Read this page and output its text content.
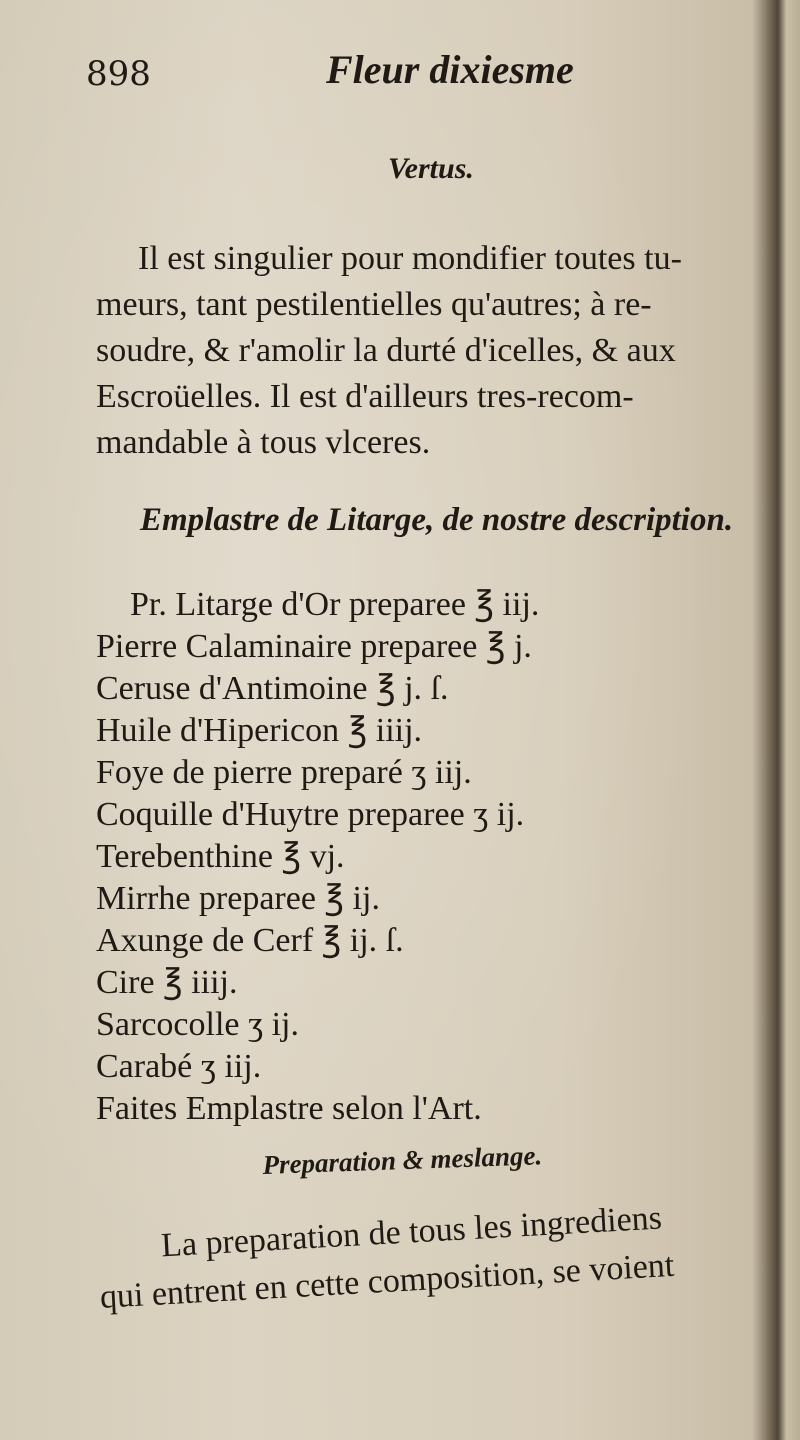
898	Fleur dixiesme
Vertus.
Il est singulier pour mondifier toutes tu-
meurs, tant pestilentielles qu'autres; à re-
soudre, & r'amolir la durté d'icelles, & aux
Escroüelles. Il est d'ailleurs tres-recom-
mandable à tous vlceres.
Emplastre de Litarge, de nostre description.
Pr. Litarge d'Or preparee ℥ iij.
Pierre Calaminaire preparee ℥ j.
Ceruse d'Antimoine ℥ j. ſ.
Huile d'Hipericon ℥ iiij.
Foye de pierre preparé ʒ iij.
Coquille d'Huytre preparee ʒ ij.
Terebenthine ℥ vj.
Mirrhe preparee ℥ ij.
Axunge de Cerf ℥ ij. ſ.
Cire ℥ iiij.
Sarcocolle ʒ ij.
Carabé ʒ iij.
Faites Emplastre selon l'Art.
Preparation & meslange.
La preparation de tous les ingrediens
qui entrent en cette composition, se voient
